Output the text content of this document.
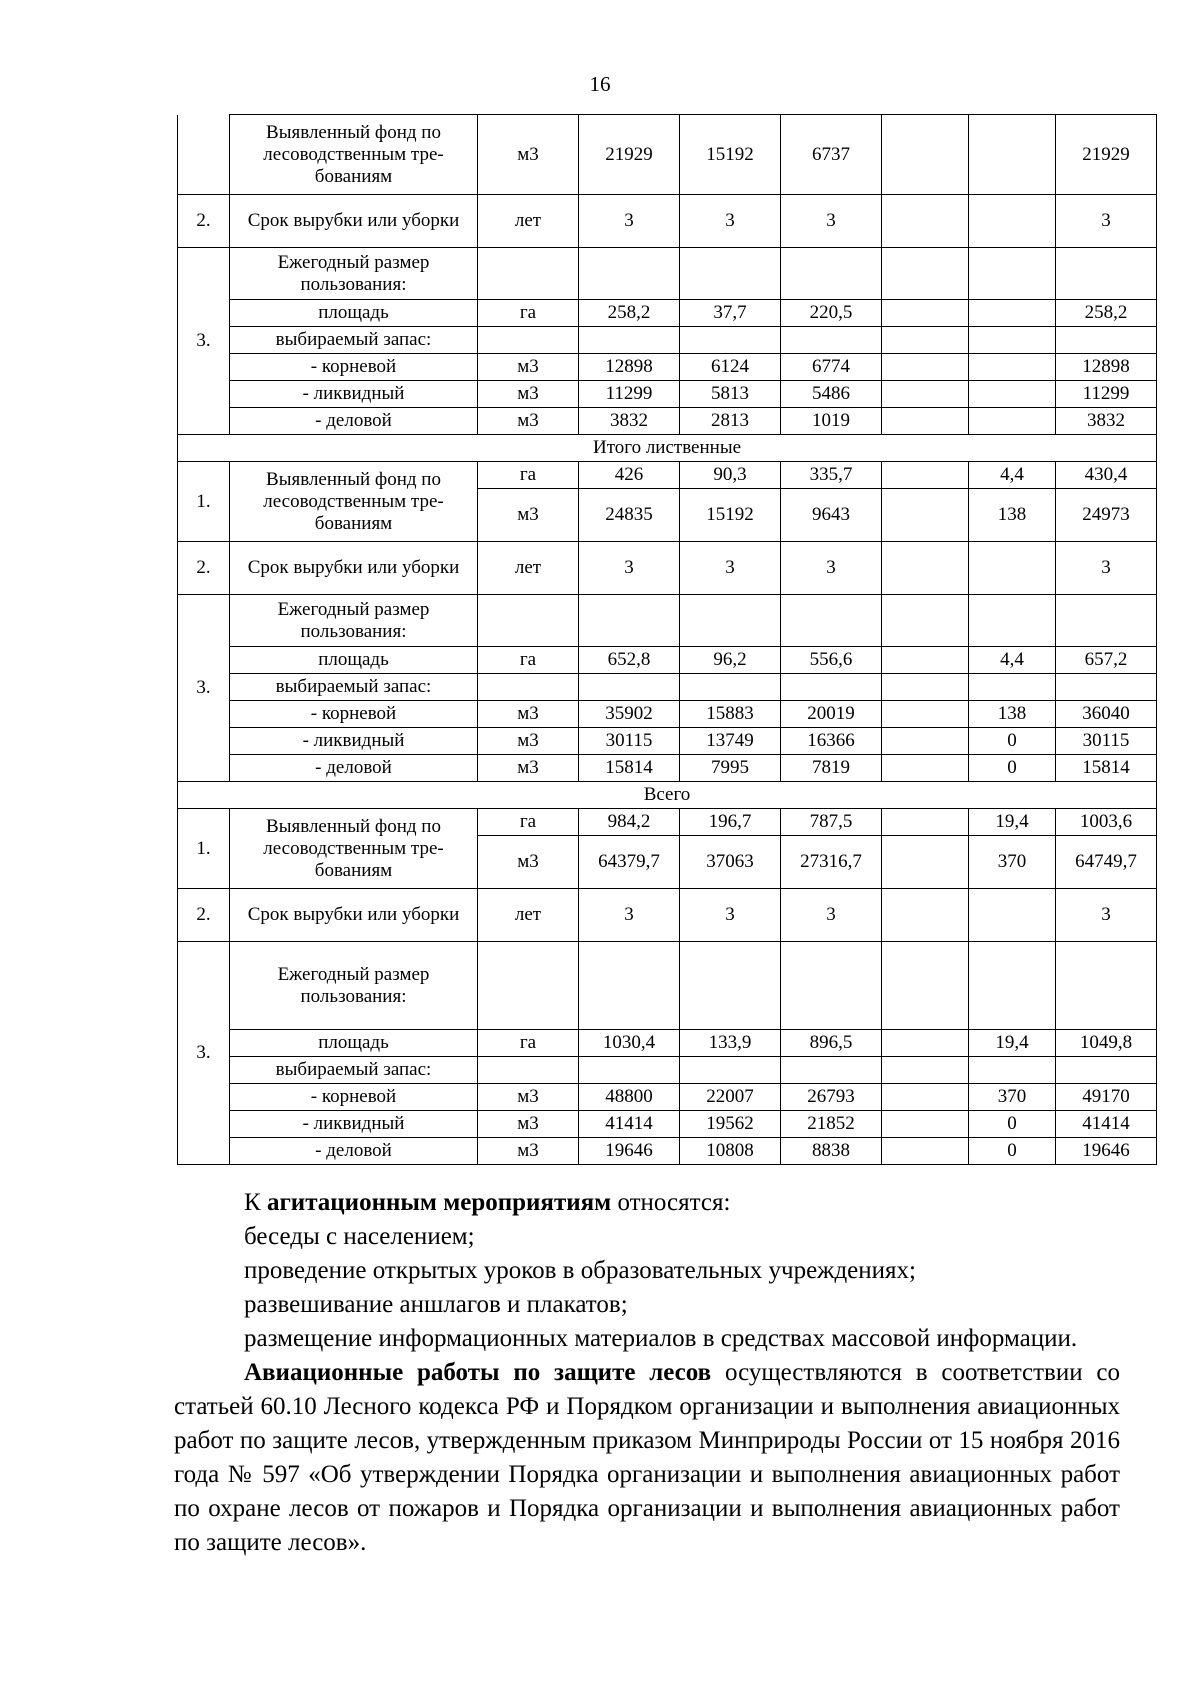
16
	Выявленный фонд по лесоводственным тре-бованиям	м3	21929	15192	6737			21929
2.	Срок вырубки или уборки	лет	3	3	3			3
3.	Ежегодный размер пользования:							
	площадь	га	258,2	37,7	220,5			258,2
	выбираемый запас:							
	- корневой	м3	12898	6124	6774			12898
	- ликвидный	м3	11299	5813	5486			11299
	- деловой	м3	3832	2813	1019			3832
Итого лиственные								
1.	Выявленный фонд по лесоводственным тре-бованиям	га	426	90,3	335,7		4,4	430,4
		м3	24835	15192	9643		138	24973
2.	Срок вырубки или уборки	лет	3	3	3			3
3.	Ежегодный размер пользования:							
	площадь	га	652,8	96,2	556,6		4,4	657,2
	выбираемый запас:							
	- корневой	м3	35902	15883	20019		138	36040
	- ликвидный	м3	30115	13749	16366		0	30115
	- деловой	м3	15814	7995	7819		0	15814
Всего								
1.	Выявленный фонд по лесоводственным тре-бованиям	га	984,2	196,7	787,5		19,4	1003,6
		м3	64379,7	37063	27316,7		370	64749,7
2.	Срок вырубки или уборки	лет	3	3	3			3
3.	Ежегодный размер пользования:							
	площадь	га	1030,4	133,9	896,5		19,4	1049,8
	выбираемый запас:							
	- корневой	м3	48800	22007	26793		370	49170
	- ликвидный	м3	41414	19562	21852		0	41414
	- деловой	м3	19646	10808	8838		0	19646

К агитационным мероприятиям относятся:

беседы с населением;

проведение открытых уроков в образовательных учреждениях;

развешивание аншлагов и плакатов;

размещение информационных материалов в средствах массовой информации.

Авиационные работы по защите лесов осуществляются в соответствии со статьей 60.10 Лесного кодекса РФ и Порядком организации и выполнения авиационных работ по защите лесов, утвержденным приказом Минприроды России от 15 ноября 2016 года № 597 «Об утверждении Порядка организации и выполнения авиационных работ по охране лесов от пожаров и Порядка организации и выполнения авиационных работ по защите лесов».
